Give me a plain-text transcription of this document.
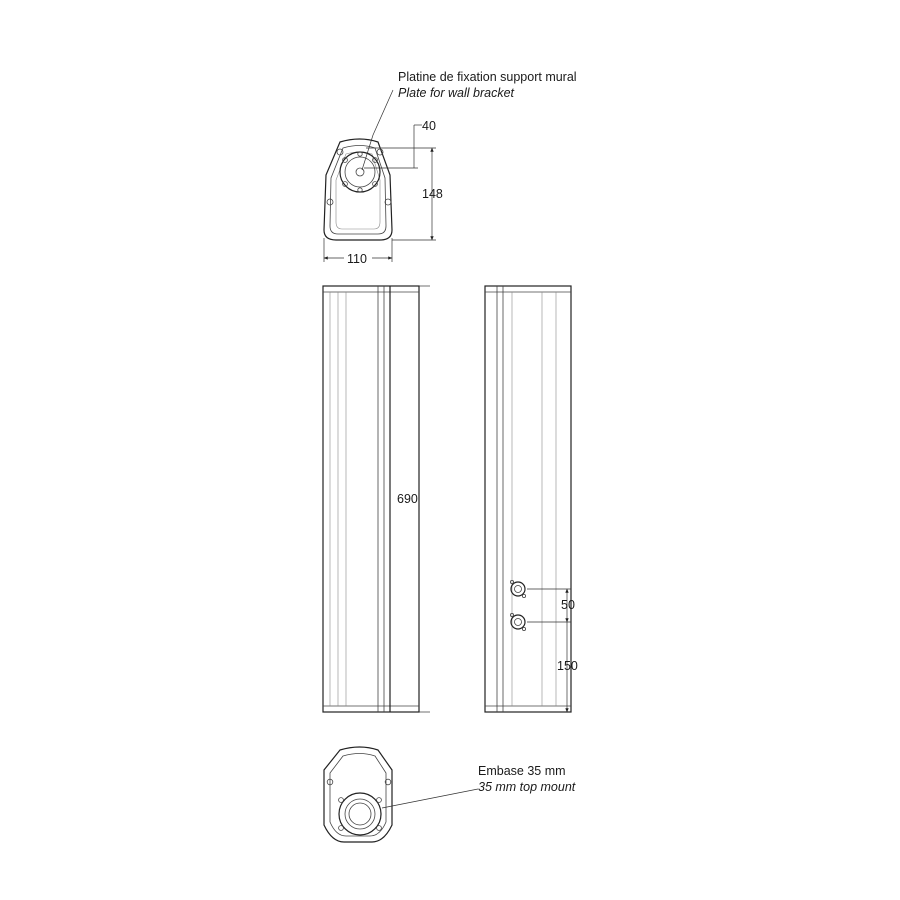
Platine de fixation support mural
Plate for wall bracket
40
148
110
690
50
150
Embase 35 mm
35 mm top mount
